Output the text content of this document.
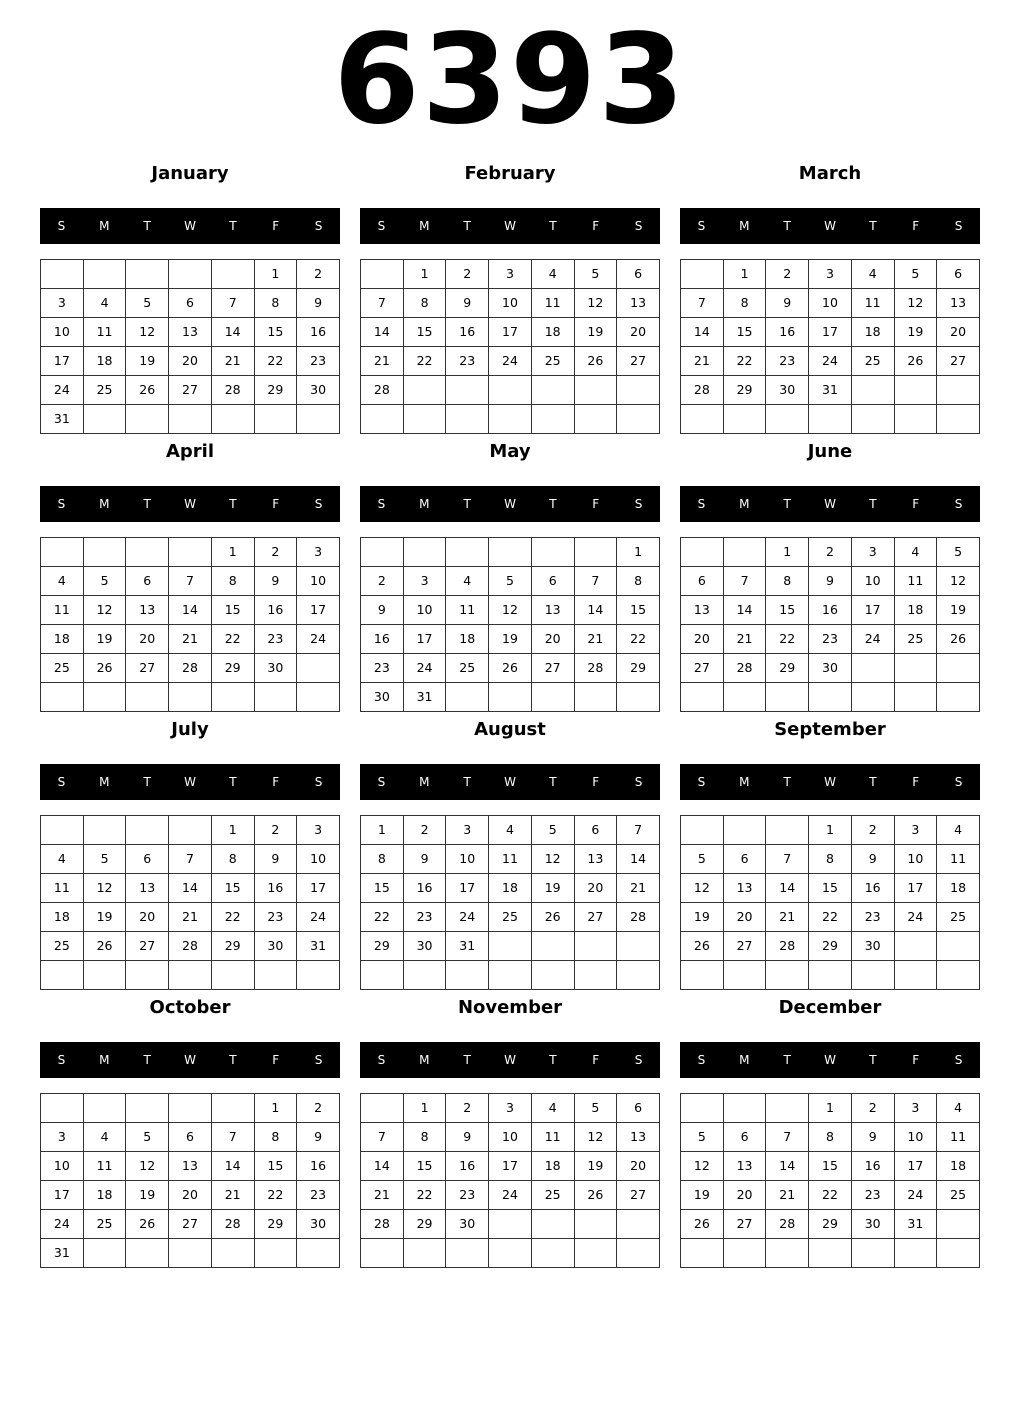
6393
January
S	M	T	W	T	F	S
					1	2
3	4	5	6	7	8	9
10	11	12	13	14	15	16
17	18	19	20	21	22	23
24	25	26	27	28	29	30
31						
February
S	M	T	W	T	F	S
	1	2	3	4	5	6
7	8	9	10	11	12	13
14	15	16	17	18	19	20
21	22	23	24	25	26	27
28						

March
S	M	T	W	T	F	S
	1	2	3	4	5	6
7	8	9	10	11	12	13
14	15	16	17	18	19	20
21	22	23	24	25	26	27
28	29	30	31			

April
S	M	T	W	T	F	S
				1	2	3
4	5	6	7	8	9	10
11	12	13	14	15	16	17
18	19	20	21	22	23	24
25	26	27	28	29	30	

May
S	M	T	W	T	F	S
						1
2	3	4	5	6	7	8
9	10	11	12	13	14	15
16	17	18	19	20	21	22
23	24	25	26	27	28	29
30	31					
June
S	M	T	W	T	F	S
		1	2	3	4	5
6	7	8	9	10	11	12
13	14	15	16	17	18	19
20	21	22	23	24	25	26
27	28	29	30			

July
S	M	T	W	T	F	S
				1	2	3
4	5	6	7	8	9	10
11	12	13	14	15	16	17
18	19	20	21	22	23	24
25	26	27	28	29	30	31

August
S	M	T	W	T	F	S
1	2	3	4	5	6	7
8	9	10	11	12	13	14
15	16	17	18	19	20	21
22	23	24	25	26	27	28
29	30	31				

September
S	M	T	W	T	F	S
			1	2	3	4
5	6	7	8	9	10	11
12	13	14	15	16	17	18
19	20	21	22	23	24	25
26	27	28	29	30		

October
S	M	T	W	T	F	S
					1	2
3	4	5	6	7	8	9
10	11	12	13	14	15	16
17	18	19	20	21	22	23
24	25	26	27	28	29	30
31						
November
S	M	T	W	T	F	S
	1	2	3	4	5	6
7	8	9	10	11	12	13
14	15	16	17	18	19	20
21	22	23	24	25	26	27
28	29	30				

December
S	M	T	W	T	F	S
			1	2	3	4
5	6	7	8	9	10	11
12	13	14	15	16	17	18
19	20	21	22	23	24	25
26	27	28	29	30	31	
